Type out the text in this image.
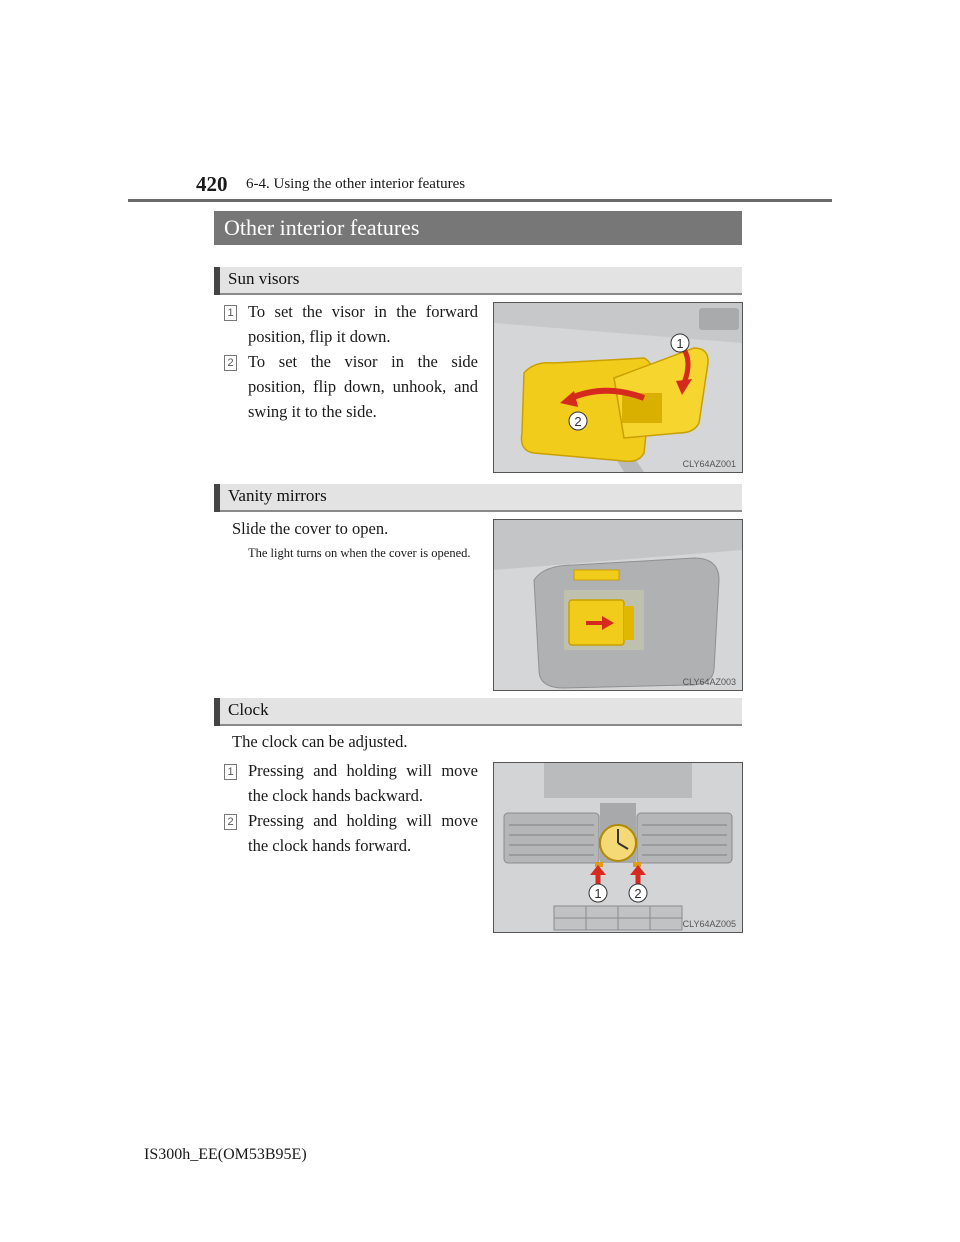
420 6-4. Using the other interior features
Other interior features
Sun visors
1 To set the visor in the forward position, flip it down.
2 To set the visor in the side position, flip down, unhook, and swing it to the side.
1
2
CLY64AZ001
Vanity mirrors
Slide the cover to open.
The light turns on when the cover is opened.
CLY64AZ003
Clock
The clock can be adjusted.
1 Pressing and holding will move the clock hands backward.
2 Pressing and holding will move the clock hands forward.
1	2
CLY64AZ005
IS300h_EE(OM53B95E)
